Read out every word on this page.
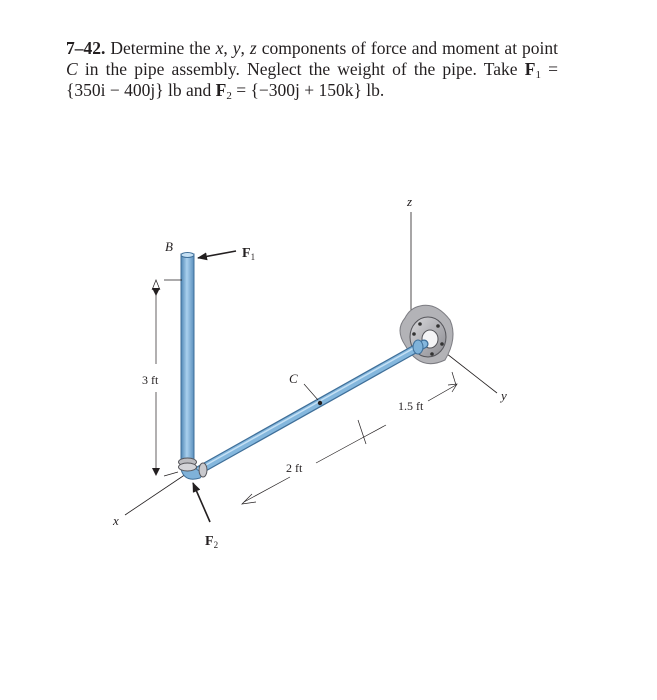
7–42. Determine the x, y, z components of force and moment at point C in the pipe assembly. Neglect the weight of the pipe. Take $F_1 = \{350i - 400j\}$ lb and $F_2 = \{-300j + 150k\}$ lb.
x
z
y
C
B	$F_1$
$F_2$
3 ft
2 ft
1.5 ft
